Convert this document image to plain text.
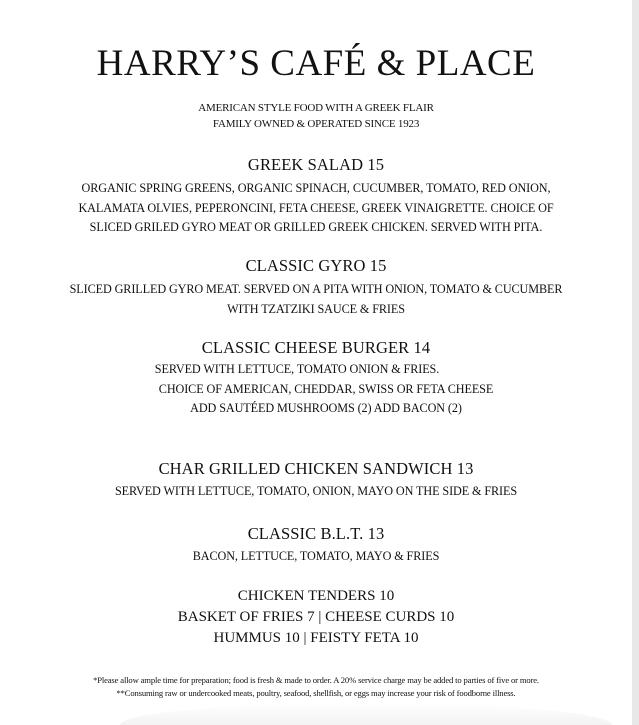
HARRY’S CAFÉ & PLACE
AMERICAN STYLE FOOD WITH A GREEK FLAIR
FAMILY OWNED & OPERATED SINCE 1923
GREEK SALAD 15
ORGANIC SPRING GREENS, ORGANIC SPINACH, CUCUMBER, TOMATO, RED ONION,
KALAMATA OLVIES, PEPERONCINI, FETA CHEESE, GREEK VINAIGRETTE. CHOICE OF
SLICED GRILED GYRO MEAT OR GRILLED GREEK CHICKEN. SERVED WITH PITA.
CLASSIC GYRO 15
SLICED GRILLED GYRO MEAT. SERVED ON A PITA WITH ONION, TOMATO & CUCUMBER
WITH TZATZIKI SAUCE & FRIES
CLASSIC CHEESE BURGER 14
SERVED WITH LETTUCE, TOMATO ONION & FRIES.
CHOICE OF AMERICAN, CHEDDAR, SWISS OR FETA CHEESE
ADD SAUTÉED MUSHROOMS (2) ADD BACON (2)
CHAR GRILLED CHICKEN SANDWICH 13
SERVED WITH LETTUCE, TOMATO, ONION, MAYO ON THE SIDE & FRIES
CLASSIC B.L.T. 13
BACON, LETTUCE, TOMATO, MAYO & FRIES
CHICKEN TENDERS 10
BASKET OF FRIES 7 | CHEESE CURDS 10
HUMMUS 10 | FEISTY FETA 10
*Please allow ample time for preparation; food is fresh & made to order. A 20% service charge may be added to parties of five or more.
**Consuming raw or undercooked meats, poultry, seafood, shellfish, or eggs may increase your risk of foodborne illness.
